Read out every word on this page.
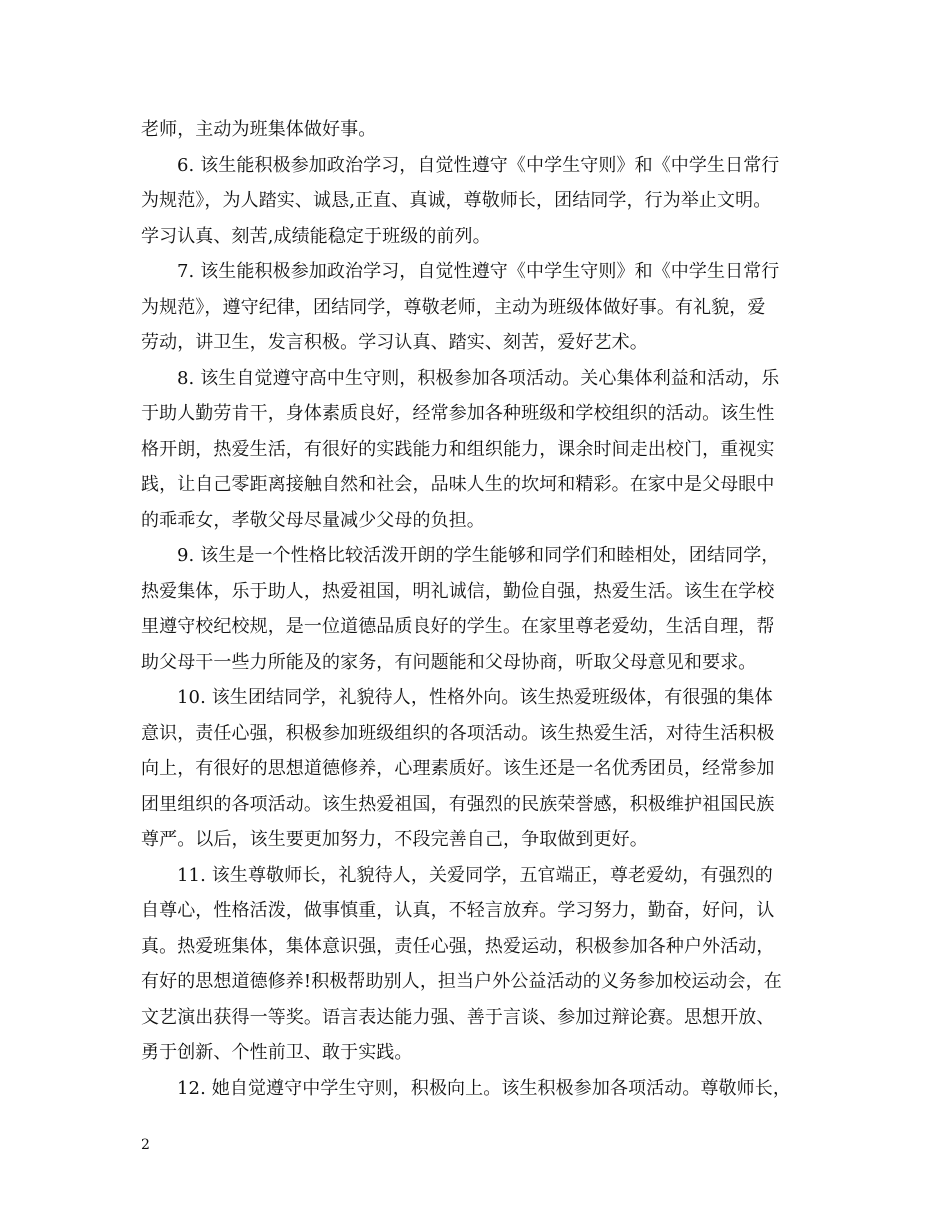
老师，主动为班集体做好事。

6. 该生能积极参加政治学习，自觉性遵守《中学生守则》和《中学生日常行
为规范》，为人踏实、诚恳,正直、真诚，尊敬师长，团结同学，行为举止文明。
学习认真、刻苦,成绩能稳定于班级的前列。

7. 该生能积极参加政治学习，自觉性遵守《中学生守则》和《中学生日常行
为规范》，遵守纪律，团结同学，尊敬老师，主动为班级体做好事。有礼貌，爱
劳动，讲卫生，发言积极。学习认真、踏实、刻苦，爱好艺术。

8. 该生自觉遵守高中生守则，积极参加各项活动。关心集体利益和活动，乐
于助人勤劳肯干，身体素质良好，经常参加各种班级和学校组织的活动。该生性
格开朗，热爱生活，有很好的实践能力和组织能力，课余时间走出校门，重视实
践，让自己零距离接触自然和社会，品味人生的坎坷和精彩。在家中是父母眼中
的乖乖女，孝敬父母尽量减少父母的负担。

9. 该生是一个性格比较活泼开朗的学生能够和同学们和睦相处，团结同学，
热爱集体，乐于助人，热爱祖国，明礼诚信，勤俭自强，热爱生活。该生在学校
里遵守校纪校规，是一位道德品质良好的学生。在家里尊老爱幼，生活自理，帮
助父母干一些力所能及的家务，有问题能和父母协商，听取父母意见和要求。

10. 该生团结同学，礼貌待人，性格外向。该生热爱班级体，有很强的集体
意识，责任心强，积极参加班级组织的各项活动。该生热爱生活，对待生活积极
向上，有很好的思想道德修养，心理素质好。该生还是一名优秀团员，经常参加
团里组织的各项活动。该生热爱祖国，有强烈的民族荣誉感，积极维护祖国民族
尊严。以后，该生要更加努力，不段完善自己，争取做到更好。

11. 该生尊敬师长，礼貌待人，关爱同学，五官端正，尊老爱幼，有强烈的
自尊心，性格活泼，做事慎重，认真，不轻言放弃。学习努力，勤奋，好问，认
真。热爱班集体，集体意识强，责任心强，热爱运动，积极参加各种户外活动，
有好的思想道德修养!积极帮助别人，担当户外公益活动的义务参加校运动会，在
文艺演出获得一等奖。语言表达能力强、善于言谈、参加过辩论赛。思想开放、
勇于创新、个性前卫、敢于实践。

12. 她自觉遵守中学生守则，积极向上。该生积极参加各项活动。尊敬师长，

2
